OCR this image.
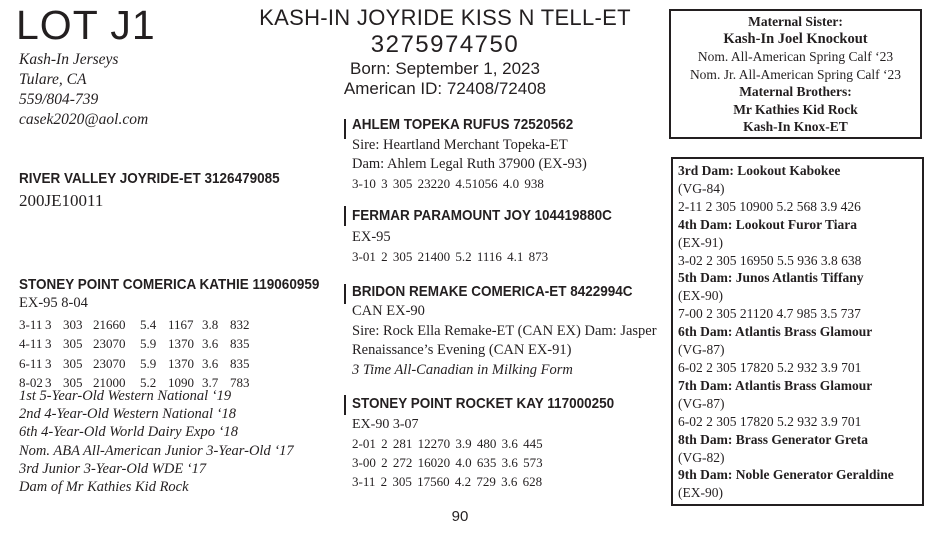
LOT J1
Kash-In Jerseys
Tulare, CA
559/804-739
casek2020@aol.com
KASH-IN JOYRIDE KISS N TELL-ET
3275974750
Born: September 1, 2023
American ID: 72408/72408
RIVER VALLEY JOYRIDE-ET 3126479085
200JE10011
STONEY POINT COMERICA KATHIE 119060959
EX-95 8-04
3-11 3 303 21660 5.4 1167 3.8 832
4-11 3 305 23070 5.9 1370 3.6 835
6-11 3 305 23070 5.9 1370 3.6 835
8-02 3 305 21000 5.2 1090 3.7 783
1st 5-Year-Old Western National ‘19
2nd 4-Year-Old Western National ‘18
6th 4-Year-Old World Dairy Expo ‘18
Nom. ABA All-American Junior 3-Year-Old ‘17
3rd Junior 3-Year-Old WDE ‘17
Dam of Mr Kathies Kid Rock
AHLEM TOPEKA RUFUS 72520562
Sire: Heartland Merchant Topeka-ET
Dam: Ahlem Legal Ruth 37900 (EX-93)
3-10 3 305 23220 4.51056 4.0 938
FERMAR PARAMOUNT JOY 104419880C
EX-95
3-01 2 305 21400 5.2 1116 4.1 873
BRIDON REMAKE COMERICA-ET 8422994C
CAN EX-90
Sire: Rock Ella Remake-ET (CAN EX) Dam: Jasper
Renaissance’s Evening (CAN EX-91)
3 Time All-Canadian in Milking Form
STONEY POINT ROCKET KAY 117000250
EX-90 3-07
2-01 2 281 12270 3.9 480 3.6 445
3-00 2 272 16020 4.0 635 3.6 573
3-11 2 305 17560 4.2 729 3.6 628
Maternal Sister:
Kash-In Joel Knockout
Nom. All-American Spring Calf ‘23
Nom. Jr. All-American Spring Calf ‘23
Maternal Brothers:
Mr Kathies Kid Rock
Kash-In Knox-ET
3rd Dam: Lookout Kabokee
(VG-84)
2-11 2 305 10900 5.2 568 3.9 426
4th Dam: Lookout Furor Tiara
(EX-91)
3-02 2 305 16950 5.5 936 3.8 638
5th Dam: Junos Atlantis Tiffany
(EX-90)
7-00 2 305 21120 4.7 985 3.5 737
6th Dam: Atlantis Brass Glamour
(VG-87)
6-02 2 305 17820 5.2 932 3.9 701
7th Dam: Atlantis Brass Glamour
(VG-87)
6-02 2 305 17820 5.2 932 3.9 701
8th Dam: Brass Generator Greta
(VG-82)
9th Dam: Noble Generator Geraldine
(EX-90)
90
